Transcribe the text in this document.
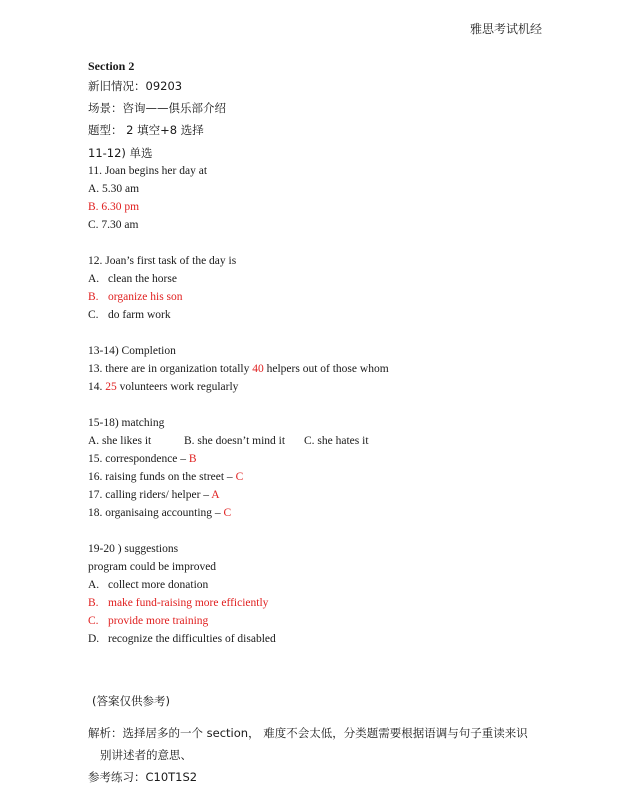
雅思考试机经
Section 2
新旧情况：09203
场景：咨询——俱乐部介绍
题型： 2 填空+8 选择
11-12) 单选
11. Joan begins her day at
A. 5.30 am
B. 6.30 pm
C. 7.30 am
12. Joan’s first task of the day is
A. clean the horse
B. organize his son
C. do farm work
13-14) Completion
13. there are in organization totally 40 helpers out of those whom
14. 25 volunteers work regularly
15-18) matching
A. she likes it	B. she doesn’t mind it C. she hates it
15. correspondence – B
16. raising funds on the street – C
17. calling riders/ helper – A
18. organisaing accounting – C
19-20 ) suggestions
program could be improved
A. collect more donation
B. make fund-raising more efficiently
C. provide more training
D. recognize the difficulties of disabled
(答案仅供参考)
解析：选择居多的一个 section， 难度不会太低，分类题需要根据语调与句子重读来识
别讲述者的意思、
参考练习：C10T1S2
